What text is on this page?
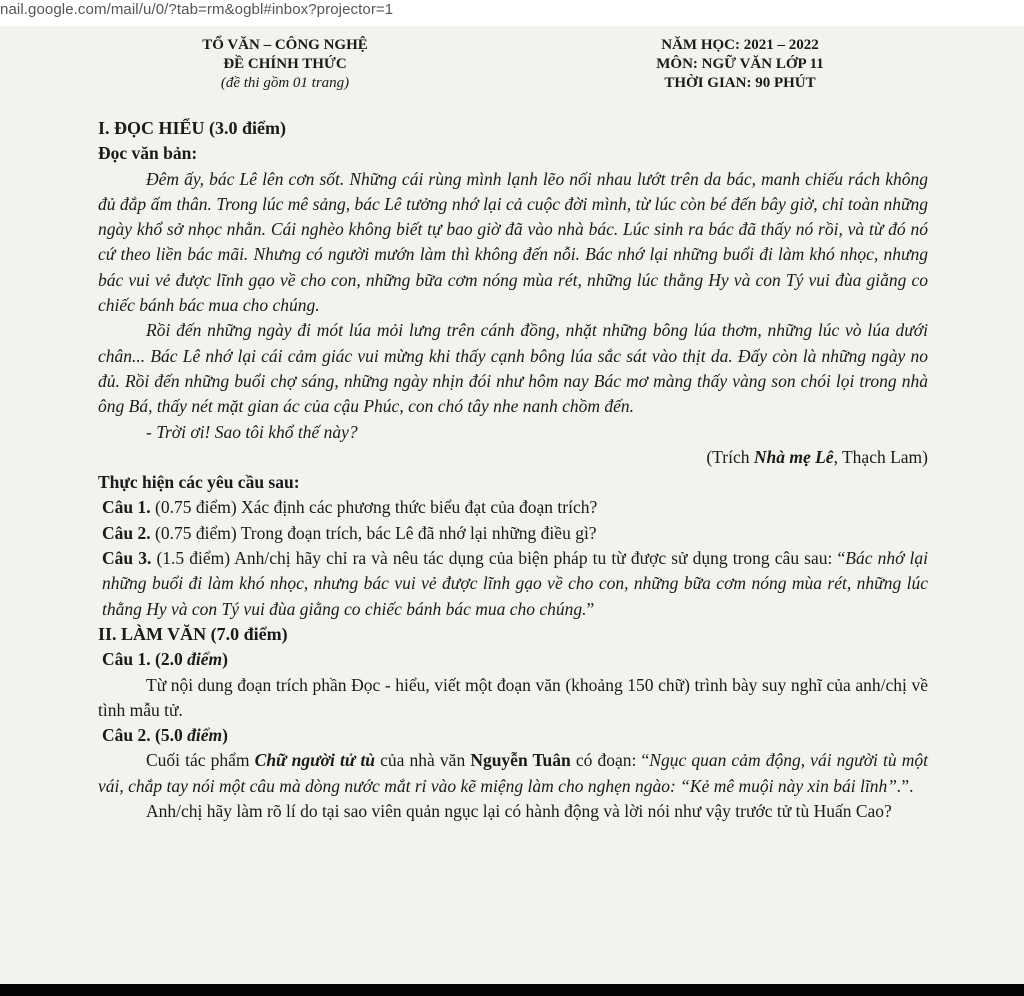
nail.google.com/mail/u/0/?tab=rm&ogbl#inbox?projector=1
TỔ VĂN – CÔNG NGHỆ
ĐỀ CHÍNH THỨC
(đề thi gồm 01 trang)
NĂM HỌC: 2021 – 2022
MÔN: NGỮ VĂN LỚP 11
THỜI GIAN: 90 PHÚT

I. ĐỌC HIỂU (3.0 điểm)

Đọc văn bản:

Đêm ấy, bác Lê lên cơn sốt. Những cái rùng mình lạnh lẽo nối nhau lướt trên da bác, manh chiếu rách không đủ đắp ấm thân. Trong lúc mê sảng, bác Lê tưởng nhớ lại cả cuộc đời mình, từ lúc còn bé đến bây giờ, chỉ toàn những ngày khổ sở nhọc nhằn. Cái nghèo không biết tự bao giờ đã vào nhà bác. Lúc sinh ra bác đã thấy nó rồi, và từ đó nó cứ theo liền bác mãi. Nhưng có người mướn làm thì không đến nỗi. Bác nhớ lại những buổi đi làm khó nhọc, nhưng bác vui vẻ được lĩnh gạo về cho con, những bữa cơm nóng mùa rét, những lúc thằng Hy và con Tý vui đùa giằng co chiếc bánh bác mua cho chúng.

Rồi đến những ngày đi mót lúa mỏi lưng trên cánh đồng, nhặt những bông lúa thơm, những lúc vò lúa dưới chân... Bác Lê nhớ lại cái cảm giác vui mừng khi thấy cạnh bông lúa sắc sát vào thịt da. Đấy còn là những ngày no đủ. Rồi đến những buổi chợ sáng, những ngày nhịn đói như hôm nay Bác mơ màng thấy vàng son chói lọi trong nhà ông Bá, thấy nét mặt gian ác của cậu Phúc, con chó tây nhe nanh chồm đến.

- Trời ơi! Sao tôi khổ thế này?

(Trích Nhà mẹ Lê, Thạch Lam)

Thực hiện các yêu cầu sau:

Câu 1. (0.75 điểm) Xác định các phương thức biểu đạt của đoạn trích?

Câu 2. (0.75 điểm) Trong đoạn trích, bác Lê đã nhớ lại những điều gì?

Câu 3. (1.5 điểm) Anh/chị hãy chỉ ra và nêu tác dụng của biện pháp tu từ được sử dụng trong câu sau: “Bác nhớ lại những buổi đi làm khó nhọc, nhưng bác vui vẻ được lĩnh gạo về cho con, những bữa cơm nóng mùa rét, những lúc thằng Hy và con Tý vui đùa giằng co chiếc bánh bác mua cho chúng.”

II. LÀM VĂN (7.0 điểm)

Câu 1. (2.0 điểm)

Từ nội dung đoạn trích phần Đọc - hiểu, viết một đoạn văn (khoảng 150 chữ) trình bày suy nghĩ của anh/chị về tình mẫu tử.

Câu 2. (5.0 điểm)

Cuối tác phẩm Chữ người tử tù của nhà văn Nguyễn Tuân có đoạn: “Ngục quan cảm động, vái người tù một vái, chắp tay nói một câu mà dòng nước mắt rỉ vào kẽ miệng làm cho nghẹn ngào: “Kẻ mê muội này xin bái lĩnh”.”.

Anh/chị hãy làm rõ lí do tại sao viên quản ngục lại có hành động và lời nói như vậy trước tử tù Huấn Cao?
